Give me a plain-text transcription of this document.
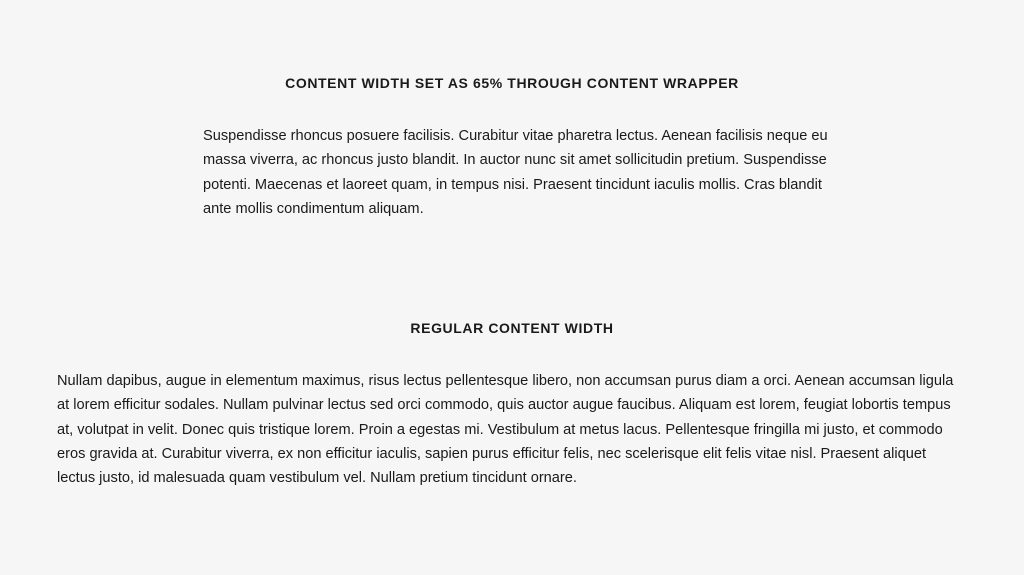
CONTENT WIDTH SET AS 65% THROUGH CONTENT WRAPPER

Suspendisse rhoncus posuere facilisis. Curabitur vitae pharetra lectus. Aenean facilisis neque eu massa viverra, ac rhoncus justo blandit. In auctor nunc sit amet sollicitudin pretium. Suspendisse potenti. Maecenas et laoreet quam, in tempus nisi. Praesent tincidunt iaculis mollis. Cras blandit ante mollis condimentum aliquam.

REGULAR CONTENT WIDTH

Nullam dapibus, augue in elementum maximus, risus lectus pellentesque libero, non accumsan purus diam a orci. Aenean accumsan ligula at lorem efficitur sodales. Nullam pulvinar lectus sed orci commodo, quis auctor augue faucibus. Aliquam est lorem, feugiat lobortis tempus at, volutpat in velit. Donec quis tristique lorem. Proin a egestas mi. Vestibulum at metus lacus. Pellentesque fringilla mi justo, et commodo eros gravida at. Curabitur viverra, ex non efficitur iaculis, sapien purus efficitur felis, nec scelerisque elit felis vitae nisl. Praesent aliquet lectus justo, id malesuada quam vestibulum vel. Nullam pretium tincidunt ornare.
